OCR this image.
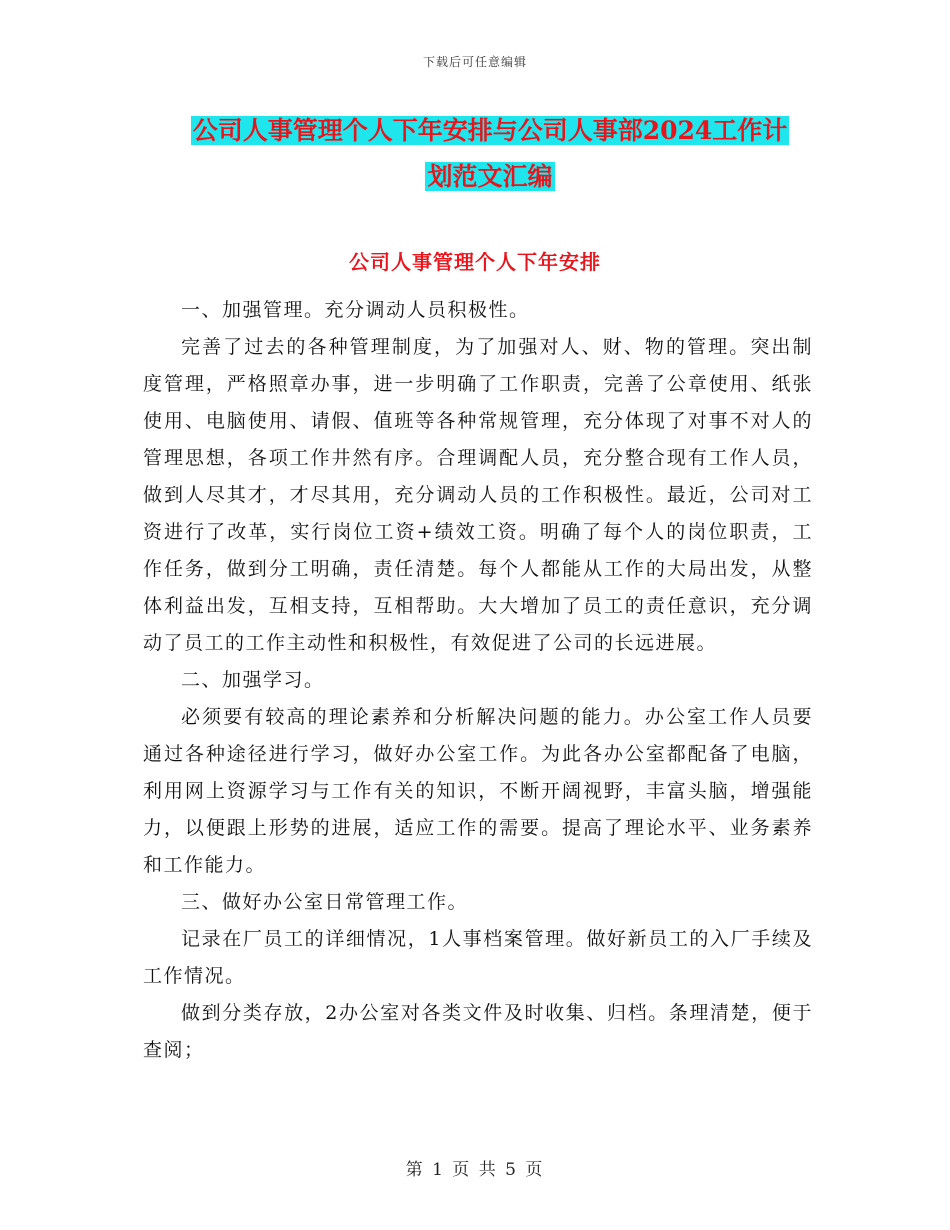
下载后可任意编辑
公司人事管理个人下年安排与公司人事部2024工作计
划范文汇编
公司人事管理个人下年安排

一、加强管理。充分调动人员积极性。

完善了过去的各种管理制度，为了加强对人、财、物的管理。突出制度管理，严格照章办事，进一步明确了工作职责，完善了公章使用、纸张使用、电脑使用、请假、值班等各种常规管理，充分体现了对事不对人的管理思想，各项工作井然有序。合理调配人员，充分整合现有工作人员，做到人尽其才，才尽其用，充分调动人员的工作积极性。最近，公司对工资进行了改革，实行岗位工资+绩效工资。明确了每个人的岗位职责，工作任务，做到分工明确，责任清楚。每个人都能从工作的大局出发，从整体利益出发，互相支持，互相帮助。大大增加了员工的责任意识，充分调动了员工的工作主动性和积极性，有效促进了公司的长远进展。

二、加强学习。

必须要有较高的理论素养和分析解决问题的能力。办公室工作人员要通过各种途径进行学习，做好办公室工作。为此各办公室都配备了电脑，利用网上资源学习与工作有关的知识，不断开阔视野，丰富头脑，增强能力，以便跟上形势的进展，适应工作的需要。提高了理论水平、业务素养和工作能力。

三、做好办公室日常管理工作。

记录在厂员工的详细情况，1人事档案管理。做好新员工的入厂手续及工作情况。

做到分类存放，2办公室对各类文件及时收集、归档。条理清楚，便于查阅；

第 1 页 共 5 页
